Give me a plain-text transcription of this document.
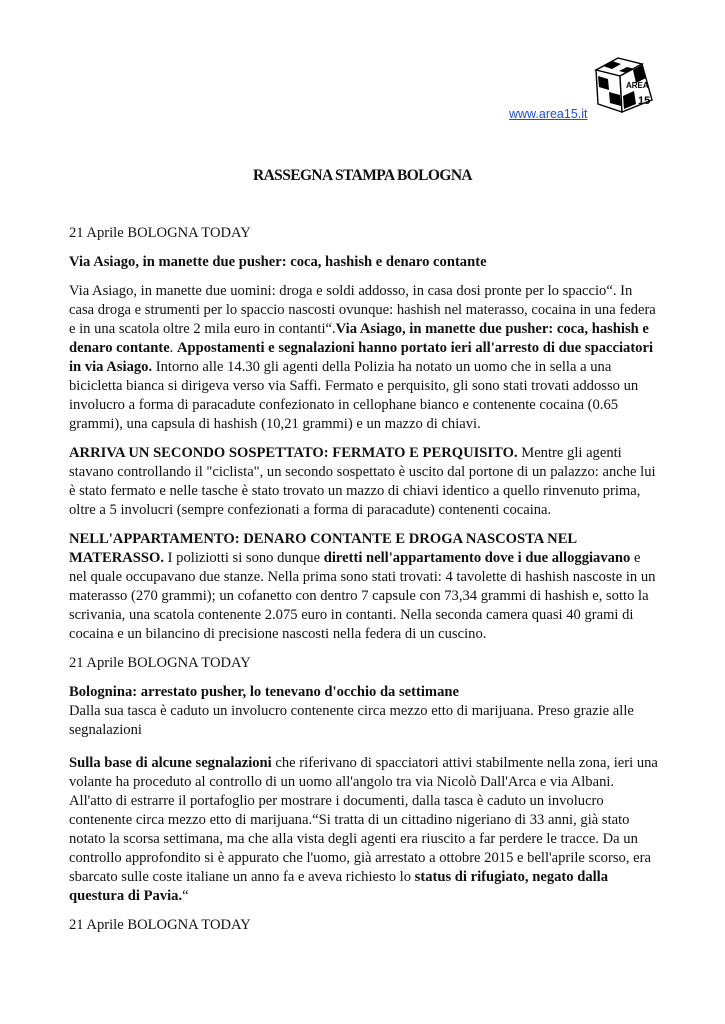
AREA
15
www.area15.it
RASSEGNA STAMPA BOLOGNA

21 Aprile BOLOGNA TODAY

Via Asiago, in manette due pusher: coca, hashish e denaro contante

Via Asiago, in manette due uomini: droga e soldi addosso, in casa dosi pronte per lo spaccio“. In casa droga e strumenti per lo spaccio nascosti ovunque: hashish nel materasso, cocaina in una federa e in una scatola oltre 2 mila euro in contanti“.Via Asiago, in manette due pusher: coca, hashish e denaro contante. Appostamenti e segnalazioni hanno portato ieri all'arresto di due spacciatori in via Asiago. Intorno alle 14.30 gli agenti della Polizia ha notato un uomo che in sella a una bicicletta bianca si dirigeva verso via Saffi. Fermato e perquisito, gli sono stati trovati addosso un involucro a forma di paracadute confezionato in cellophane bianco e contenente cocaina (0.65 grammi), una capsula di hashish (10,21 grammi) e un mazzo di chiavi.

ARRIVA UN SECONDO SOSPETTATO: FERMATO E PERQUISITO. Mentre gli agenti stavano controllando il "ciclista", un secondo sospettato è uscito dal portone di un palazzo: anche lui è stato fermato e nelle tasche è stato trovato un mazzo di chiavi identico a quello rinvenuto prima, oltre a 5 involucri (sempre confezionati a forma di paracadute) contenenti cocaina.

NELL'APPARTAMENTO: DENARO CONTANTE E DROGA NASCOSTA NEL MATERASSO. I poliziotti si sono dunque diretti nell'appartamento dove i due alloggiavano e nel quale occupavano due stanze. Nella prima sono stati trovati: 4 tavolette di hashish nascoste in un materasso (270 grammi); un cofanetto con dentro 7 capsule con 73,34 grammi di hashish e, sotto la scrivania, una scatola contenente 2.075 euro in contanti. Nella seconda camera quasi 40 grami di cocaina e un bilancino di precisione nascosti nella federa di un cuscino.

21 Aprile BOLOGNA TODAY

Bolognina: arrestato pusher, lo tenevano d'occhio da settimane
Dalla sua tasca è caduto un involucro contenente circa mezzo etto di marijuana. Preso grazie alle segnalazioni

Sulla base di alcune segnalazioni che riferivano di spacciatori attivi stabilmente nella zona, ieri una volante ha proceduto al controllo di un uomo all'angolo tra via Nicolò Dall'Arca e via Albani. All'atto di estrarre il portafoglio per mostrare i documenti, dalla tasca è caduto un involucro contenente circa mezzo etto di marijuana.“Si tratta di un cittadino nigeriano di 33 anni, già stato notato la scorsa settimana, ma che alla vista degli agenti era riuscito a far perdere le tracce. Da un controllo approfondito si è appurato che l'uomo, già arrestato a ottobre 2015 e bell'aprile scorso, era sbarcato sulle coste italiane un anno fa e aveva richiesto lo status di rifugiato, negato dalla questura di Pavia.“

21 Aprile BOLOGNA TODAY
